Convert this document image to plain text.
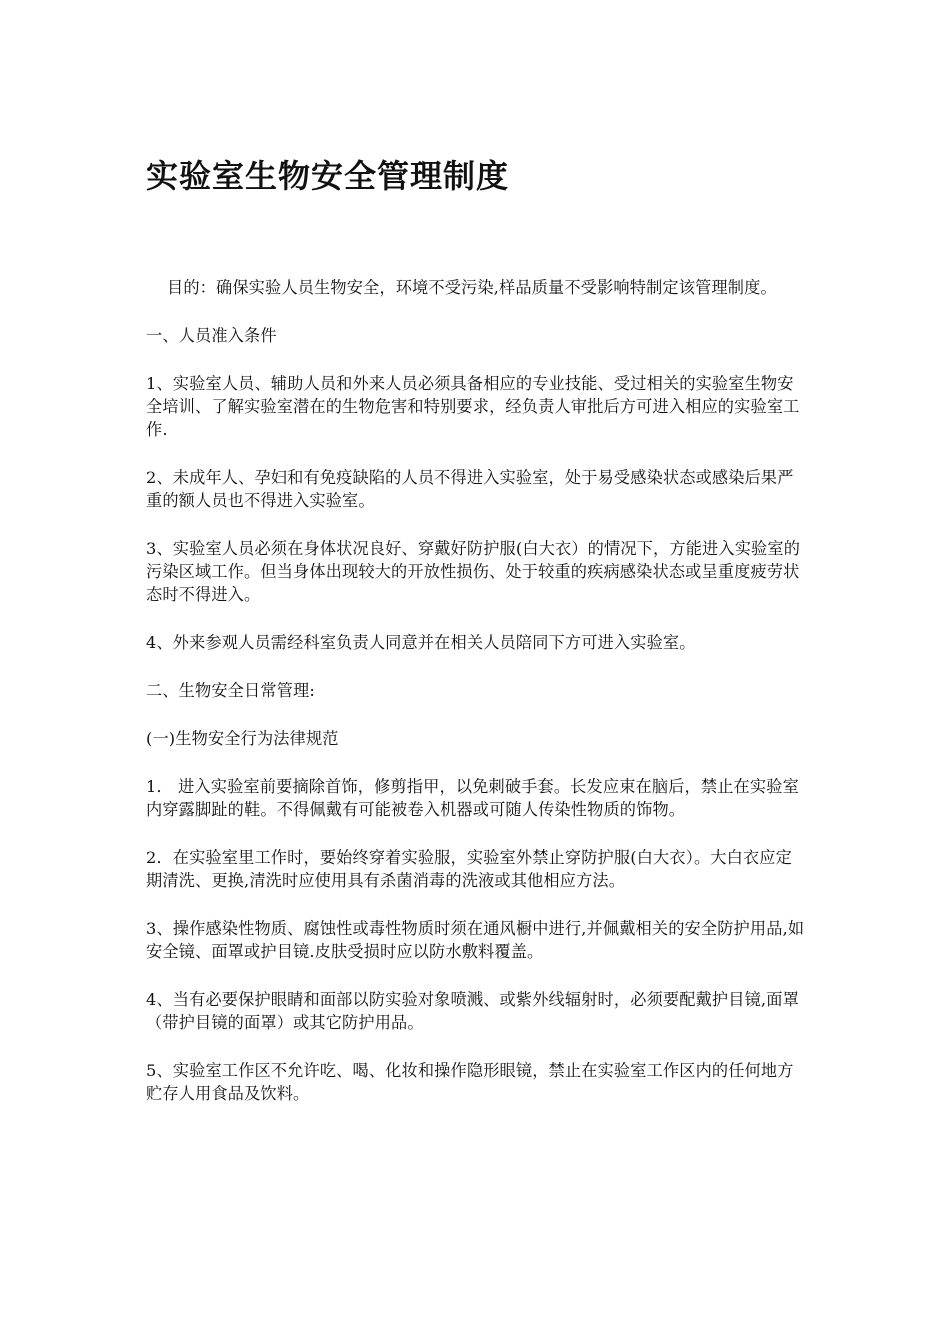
实验室生物安全管理制度

目的：确保实验人员生物安全，环境不受污染,样品质量不受影响特制定该管理制度。

一、人员准入条件

1、实验室人员、辅助人员和外来人员必须具备相应的专业技能、受过相关的实验室生物安全培训、了解实验室潜在的生物危害和特别要求，经负责人审批后方可进入相应的实验室工作.

2、未成年人、孕妇和有免疫缺陷的人员不得进入实验室，处于易受感染状态或感染后果严重的额人员也不得进入实验室。

3、实验室人员必须在身体状况良好、穿戴好防护服(白大衣）的情况下，方能进入实验室的污染区域工作。但当身体出现较大的开放性损伤、处于较重的疾病感染状态或呈重度疲劳状态时不得进入。

4、外来参观人员需经科室负责人同意并在相关人员陪同下方可进入实验室。

二、生物安全日常管理:

(一)生物安全行为法律规范

1． 进入实验室前要摘除首饰，修剪指甲，以免刺破手套。长发应束在脑后，禁止在实验室内穿露脚趾的鞋。不得佩戴有可能被卷入机器或可随人传染性物质的饰物。

2．在实验室里工作时，要始终穿着实验服，实验室外禁止穿防护服(白大衣）。大白衣应定期清洗、更换,清洗时应使用具有杀菌消毒的洗液或其他相应方法。

3、操作感染性物质、腐蚀性或毒性物质时须在通风橱中进行,并佩戴相关的安全防护用品,如安全镜、面罩或护目镜.皮肤受损时应以防水敷料覆盖。

4、当有必要保护眼睛和面部以防实验对象喷溅、或紫外线辐射时，必须要配戴护目镜,面罩（带护目镜的面罩）或其它防护用品。

5、实验室工作区不允许吃、喝、化妆和操作隐形眼镜，禁止在实验室工作区内的任何地方贮存人用食品及饮料。
